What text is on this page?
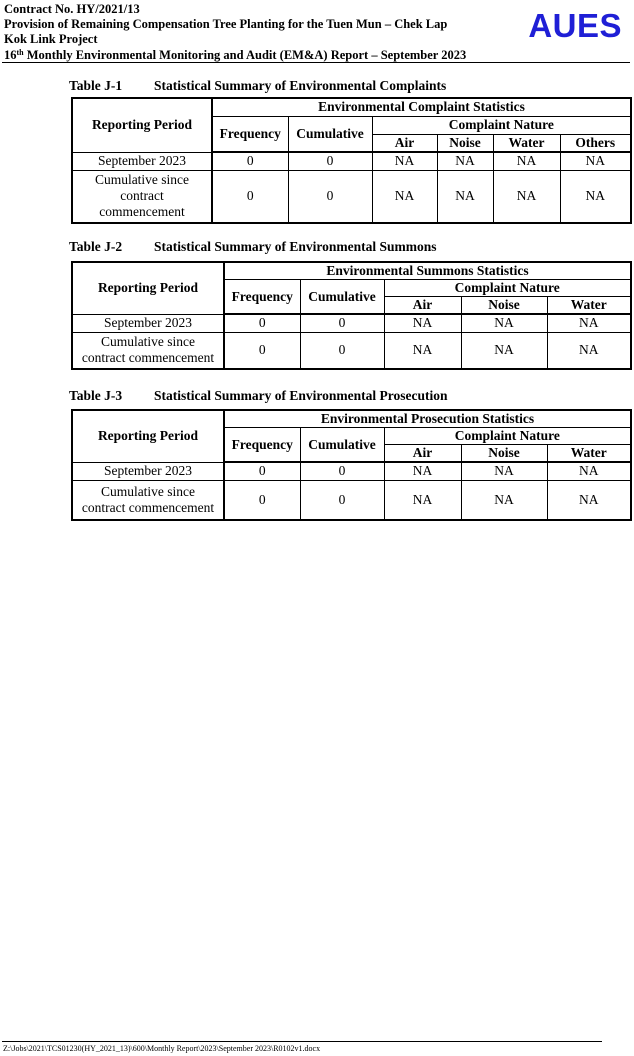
Contract No. HY/2021/13
Provision of Remaining Compensation Tree Planting for the Tuen Mun – Chek Lap
Kok Link Project
16th Monthly Environmental Monitoring and Audit (EM&A) Report – September 2023
AUES
Table J-1 Statistical Summary of Environmental Complaints
Reporting Period	Environmental Complaint Statistics					
	Frequency	Cumulative	Complaint Nature			
			Air	Noise	Water	Others
September 2023	0	0	NA	NA	NA	NA

Cumulative since
contract
commencement	0	0	NA	NA	NA	NA
Table J-2 Statistical Summary of Environmental Summons
Reporting Period	Environmental Summons Statistics				
	Frequency	Cumulative	Complaint Nature		
			Air	Noise	Water
September 2023	0	0	NA	NA	NA

Cumulative since
contract commencement	0	0	NA	NA	NA
Table J-3 Statistical Summary of Environmental Prosecution
Reporting Period	Environmental Prosecution Statistics				
	Frequency	Cumulative	Complaint Nature		
			Air	Noise	Water
September 2023	0	0	NA	NA	NA

Cumulative since
contract commencement	0	0	NA	NA	NA
Z:\Jobs\2021\TCS01230(HY_2021_13)\600\Monthly Report\2023\September 2023\R0102v1.docx
